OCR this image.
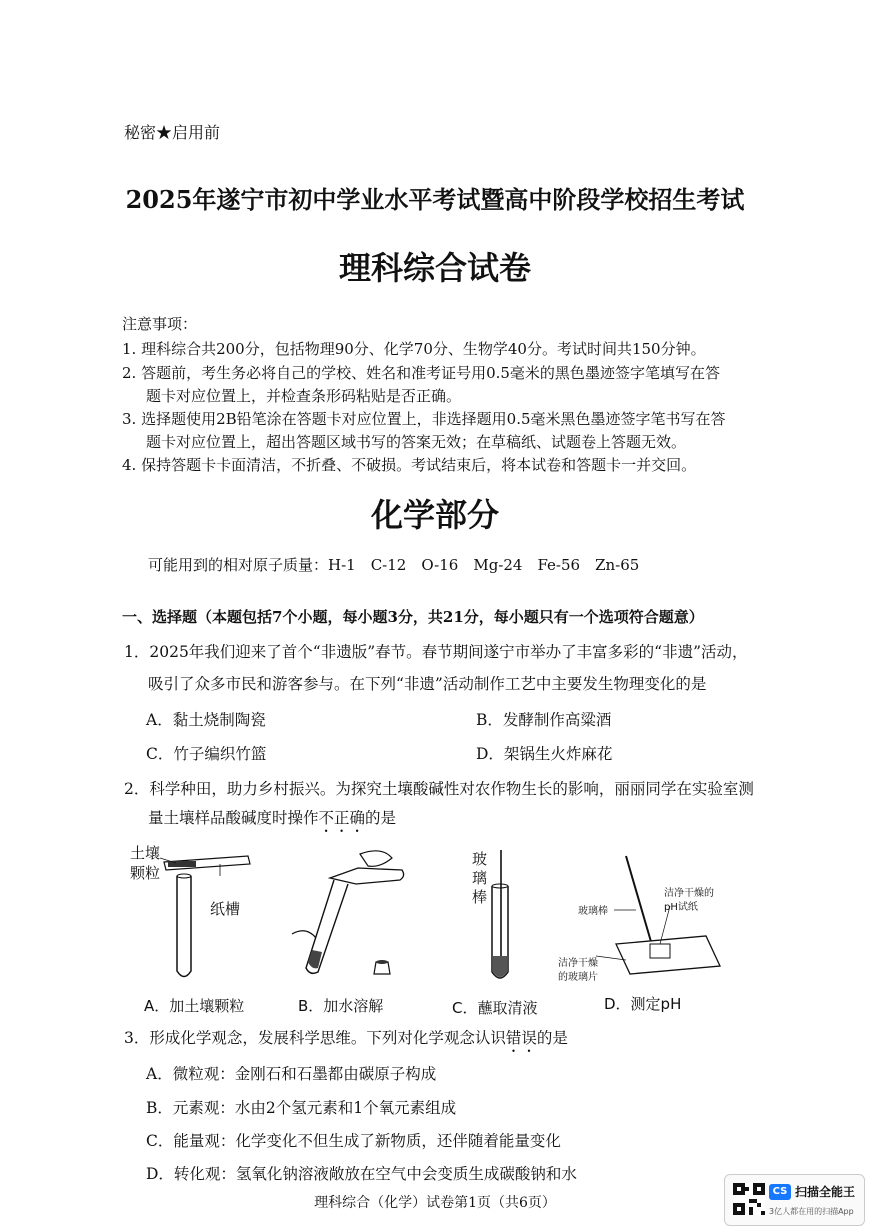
秘密★启用前
2025年遂宁市初中学业水平考试暨高中阶段学校招生考试
理科综合试卷
注意事项：
1. 理科综合共200分，包括物理90分、化学70分、生物学40分。考试时间共150分钟。
2. 答题前，考生务必将自己的学校、姓名和准考证号用0.5毫米的黑色墨迹签字笔填写在答
题卡对应位置上，并检查条形码粘贴是否正确。
3. 选择题使用2B铅笔涂在答题卡对应位置上，非选择题用0.5毫米黑色墨迹签字笔书写在答
题卡对应位置上，超出答题区域书写的答案无效；在草稿纸、试题卷上答题无效。
4. 保持答题卡卡面清洁，不折叠、不破损。考试结束后，将本试卷和答题卡一并交回。
化学部分
可能用到的相对原子质量：H-1　C-12　O-16　Mg-24　Fe-56　Zn-65
一、选择题（本题包括7个小题，每小题3分，共21分，每小题只有一个选项符合题意）
1．2025年我们迎来了首个“非遗版”春节。春节期间遂宁市举办了丰富多彩的“非遗”活动，
吸引了众多市民和游客参与。在下列“非遗”活动制作工艺中主要发生物理变化的是
A．黏土烧制陶瓷	B．发酵制作高粱酒
C．竹子编织竹篮	D．架锅生火炸麻花
2．科学种田，助力乡村振兴。为探究土壤酸碱性对农作物生长的影响，丽丽同学在实验室测
量土壤样品酸碱度时操作不正确的是
土壤
颗粒
纸槽
玻
璃
棒
玻璃棒
洁净干燥的
pH试纸
洁净干燥
的玻璃片
A．加土壤颗粒	B．加水溶解	C．蘸取清液	D．测定pH
3．形成化学观念，发展科学思维。下列对化学观念认识错误的是
A．微粒观：金刚石和石墨都由碳原子构成
B．元素观：水由2个氢元素和1个氧元素组成
C．能量观：化学变化不但生成了新物质，还伴随着能量变化
D．转化观：氢氧化钠溶液敞放在空气中会变质生成碳酸钠和水
理科综合（化学）试卷第1页（共6页）
CS 扫描全能王
3亿人都在用的扫描App
